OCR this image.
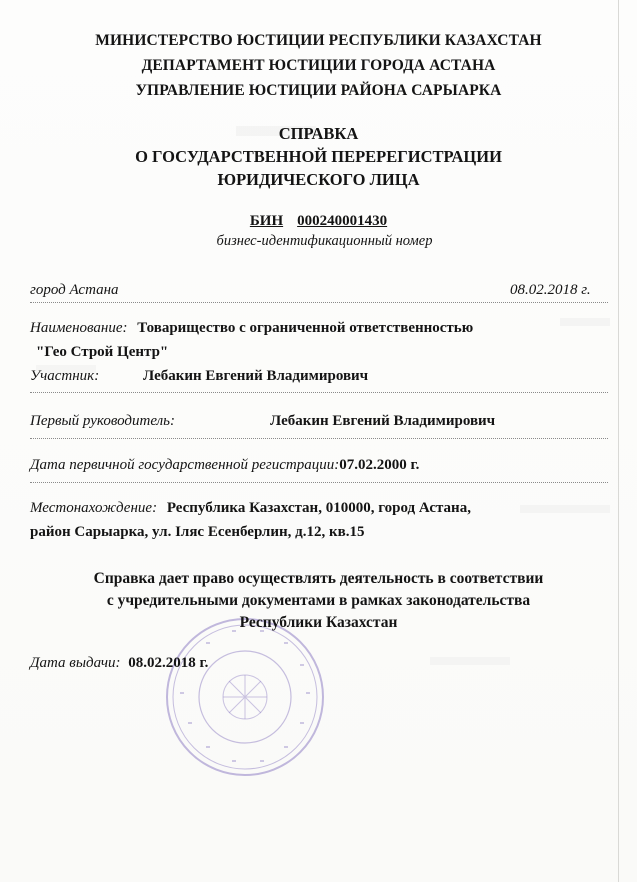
МИНИСТЕРСТВО ЮСТИЦИИ РЕСПУБЛИКИ КАЗАХСТАН
ДЕПАРТАМЕНТ ЮСТИЦИИ ГОРОДА АСТАНА
УПРАВЛЕНИЕ ЮСТИЦИИ РАЙОНА САРЫАРКА
СПРАВКА
О ГОСУДАРСТВЕННОЙ ПЕРЕРЕГИСТРАЦИИ
ЮРИДИЧЕСКОГО ЛИЦА
БИН 000240001430
бизнес-идентификационный номер
город Астана	08.02.2018 г.
Наименование: Товарищество с ограниченной ответственностью
"Гео Строй Центр"
Участник:	Лебакин Евгений Владимирович
Первый руководитель:	Лебакин Евгений Владимирович
Дата первичной государственной регистрации:07.02.2000 г.
Местонахождение: Республика Казахстан, 010000, город Астана,
район Сарыарка, ул. Іляс Есенберлин, д.12, кв.15
Справка дает право осуществлять деятельность в соответствии
с учредительными документами в рамках законодательства
Республики Казахстан
Дата выдачи: 08.02.2018 г.
